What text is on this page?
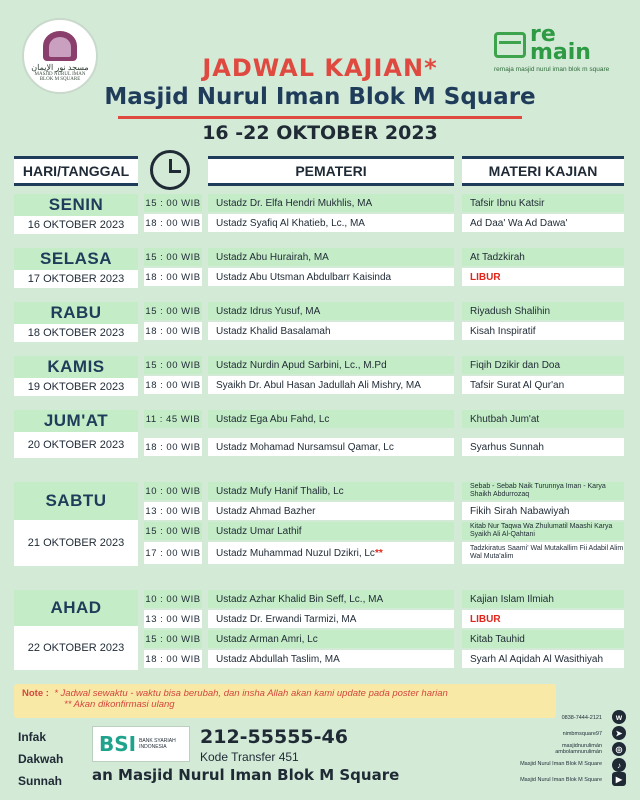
مسجد نور الإيمان
MASJID NURUL IMAN
BLOK M SQUARE
re
main
remaja masjid nurul iman blok m square
JADWAL KAJIAN*
Masjid Nurul Iman Blok M Square
16 -22 OKTOBER 2023
HARI/TANGGAL	PEMATERI	MATERI KAJIAN
SENIN
16 OKTOBER 2023
15 : 00 WIB Ustadz Dr. Elfa Hendri Mukhlis, MA	Tafsir Ibnu Katsir
18 : 00 WIB Ustadz Syafiq Al Khatieb, Lc., MA	Ad Daa' Wa Ad Dawa'
SELASA
17 OKTOBER 2023
15 : 00 WIB Ustadz Abu Hurairah, MA	At Tadzkirah
18 : 00 WIB Ustadz Abu Utsman Abdulbarr Kaisinda	LIBUR
RABU
18 OKTOBER 2023
15 : 00 WIB Ustadz Idrus Yusuf, MA	Riyadush Shalihin
18 : 00 WIB Ustadz Khalid Basalamah	Kisah Inspiratif
KAMIS
19 OKTOBER 2023
15 : 00 WIB Ustadz Nurdin Apud Sarbini, Lc., M.Pd	Fiqih Dzikir dan Doa
18 : 00 WIB Syaikh Dr. Abul Hasan Jadullah Ali Mishry, MA	Tafsir Surat Al Qur'an
JUM'AT
20 OKTOBER 2023
11 : 45 WIB Ustadz Ega Abu Fahd, Lc	Khutbah Jum'at
18 : 00 WIB Ustadz Mohamad Nursamsul Qamar, Lc	Syarhus Sunnah
SABTU
21 OKTOBER 2023
10 : 00 WIB Ustadz Mufy Hanif Thalib, Lc	Sebab - Sebab Naik Turunnya Iman - Karya Shaikh Abdurrozaq
13 : 00 WIB Ustadz Ahmad Bazher	Fikih Sirah Nabawiyah
15 : 00 WIB Ustadz Umar Lathif	Kitab Nur Taqwa Wa Zhulumatil Maashi Karya Syaikh Ali Al-Qahtani
17 : 00 WIB Ustadz Muhammad Nuzul Dzikri, Lc **	Tadzkiratus Saami' Wal Mutakallim Fii Adabil Alim Wal Muta'alim
AHAD
22 OKTOBER 2023
10 : 00 WIB Ustadz Azhar Khalid Bin Seff, Lc., MA	Kajian Islam Ilmiah
13 : 00 WIB Ustadz Dr. Erwandi Tarmizi, MA	LIBUR
15 : 00 WIB Ustadz Arman Amri, Lc	Kitab Tauhid
18 : 00 WIB Ustadz Abdullah Taslim, MA	Syarh Al Aqidah Al Wasithiyah
Note : * Jadwal sewaktu - waktu bisa berubah, dan insha Allah akan kami update pada poster harian
** Akan dikonfirmasi ulang
Infak
Dakwah
Sunnah
BSI BANK SYARIAH
INDONESIA	212-55555-46
Kode Transfer 451
an Masjid Nurul Iman Blok M Square
0838-7444-2121	w
nimbmsquare97	➤
masjidnurulimán
ambolamnurulimán	◎
Masjid Nurul Iman Blok M Square	♪
Masjid Nurul Iman Blok M Square	▶
